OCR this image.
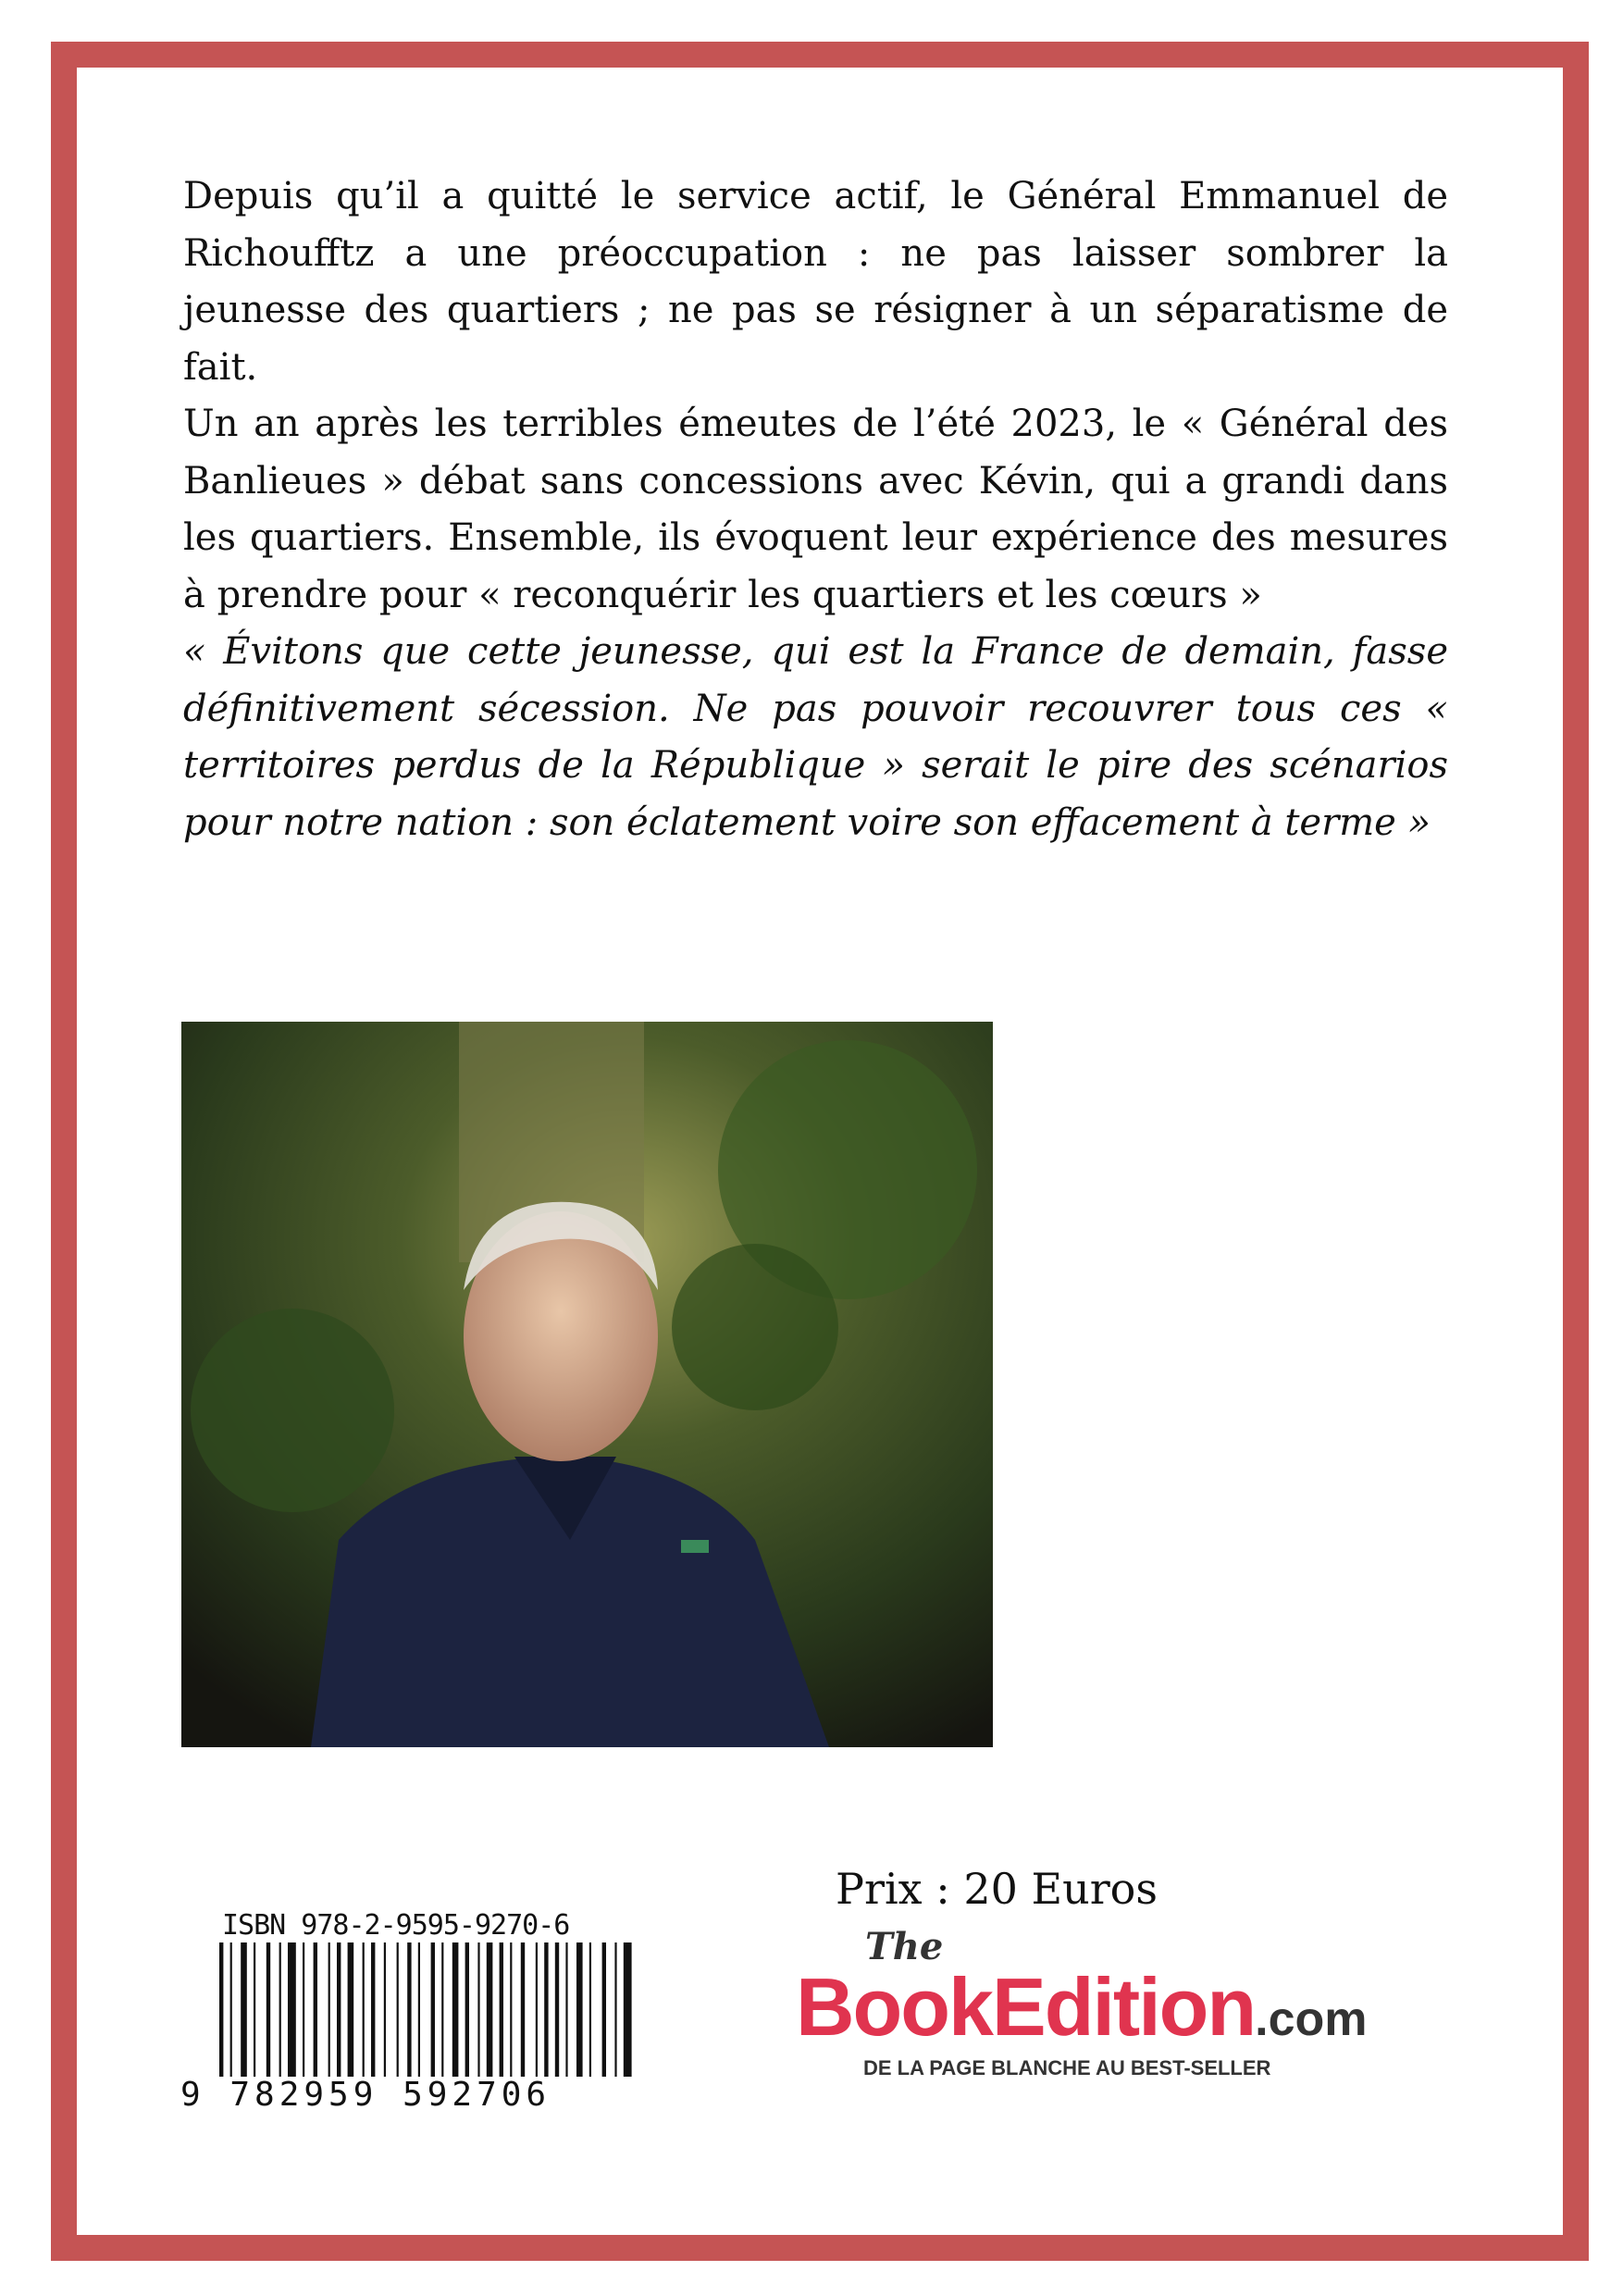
Depuis qu’il a quitté le service actif, le Général Emmanuel de Richoufftz a une préoccupation : ne pas laisser sombrer la jeunesse des quartiers ; ne pas se résigner à un séparatisme de fait.

Un an après les terribles émeutes de l’été 2023, le « Général des Banlieues » débat sans concessions avec Kévin, qui a grandi dans les quartiers. Ensemble, ils évoquent leur expérience des mesures à prendre pour « reconquérir les quartiers et les cœurs »

« Évitons que cette jeunesse, qui est la France de demain, fasse définitivement sécession. Ne pas pouvoir recouvrer tous ces « territoires perdus de la République » serait le pire des scénarios pour notre nation : son éclatement voire son effacement à terme »

Prix : 20 Euros
ISBN 978-2-9595-9270-6
9 782959 592706
The
BookEdition.com
DE LA PAGE BLANCHE AU BEST-SELLER
